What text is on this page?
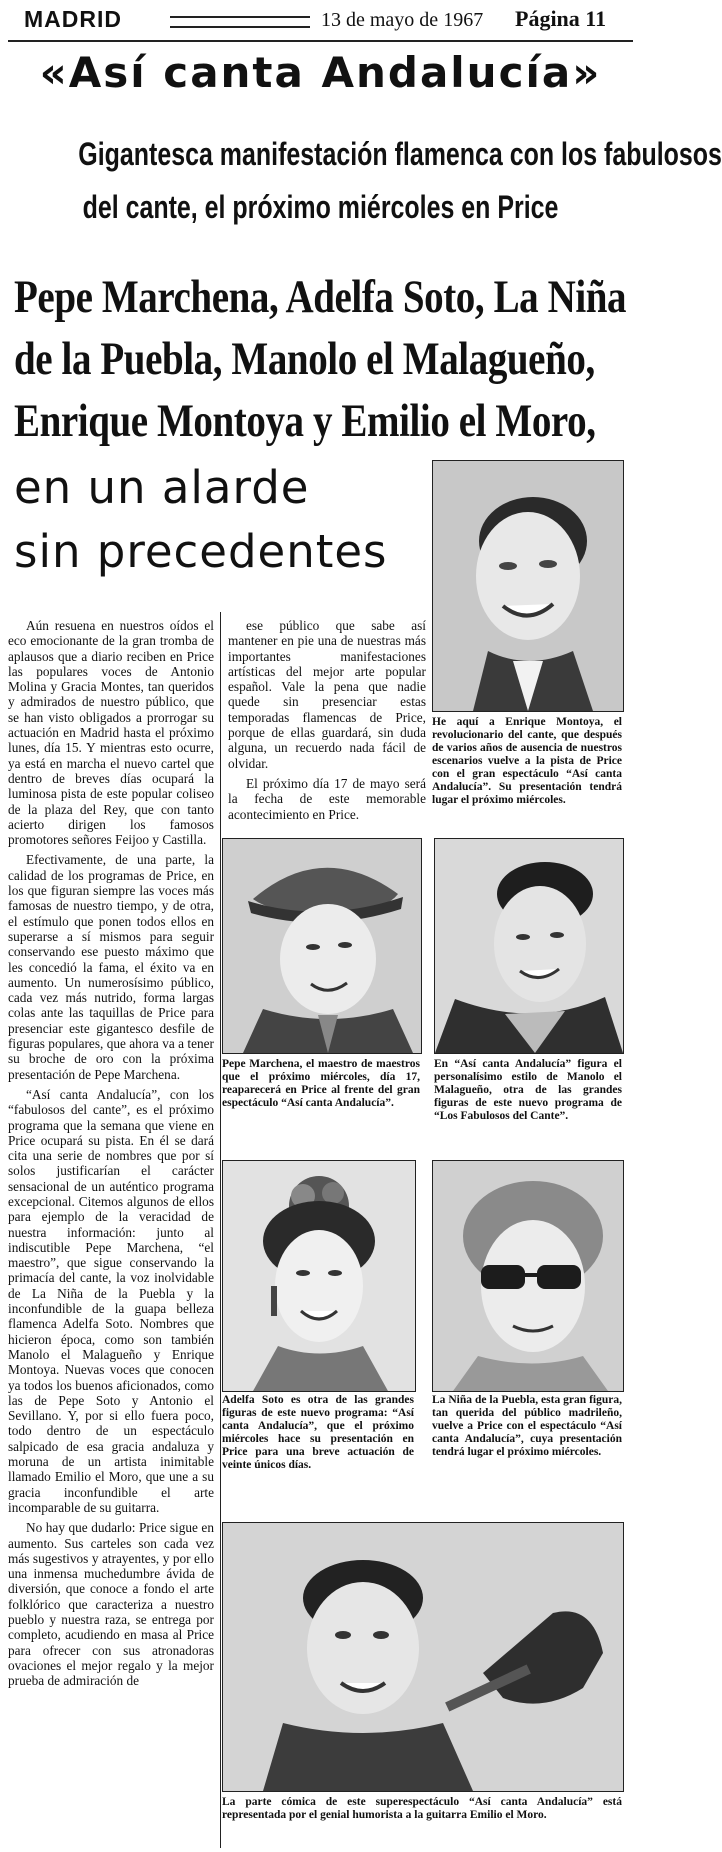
MADRID	13 de mayo de 1967 Página 11
«Así canta Andalucía»
Gigantesca manifestación flamenca con los fabulosos
del cante, el próximo miércoles en Price
Pepe Marchena, Adelfa Soto, La Niña
de la Puebla, Manolo el Malagueño,
Enrique Montoya y Emilio el Moro,
en un alarde
sin precedentes

Aún resuena en nuestros oídos el eco emocionante de la gran tromba de aplausos que a diario reciben en Price las populares voces de Antonio Molina y Gracia Montes, tan queridos y admirados de nuestro público, que se han visto obligados a prorrogar su actuación en Madrid hasta el próximo lunes, día 15. Y mientras esto ocurre, ya está en marcha el nuevo cartel que dentro de breves días ocupará la luminosa pista de este popular coliseo de la plaza del Rey, que con tanto acierto dirigen los famosos promotores señores Feijoo y Castilla.

Efectivamente, de una parte, la calidad de los programas de Price, en los que figuran siempre las voces más famosas de nuestro tiempo, y de otra, el estímulo que ponen todos ellos en superarse a sí mismos para seguir conservando ese puesto máximo que les concedió la fama, el éxito va en aumento. Un numerosísimo público, cada vez más nutrido, forma largas colas ante las taquillas de Price para presenciar este gigantesco desfile de figuras populares, que ahora va a tener su broche de oro con la próxima presentación de Pepe Marchena.

“Así canta Andalucía”, con los “fabulosos del cante”, es el próximo programa que la semana que viene en Price ocupará su pista. En él se dará cita una serie de nombres que por sí solos justificarían el carácter sensacional de un auténtico programa excepcional. Citemos algunos de ellos para ejemplo de la veracidad de nuestra información: junto al indiscutible Pepe Marchena, “el maestro”, que sigue conservando la primacía del cante, la voz inolvidable de La Niña de la Puebla y la inconfundible de la guapa belleza flamenca Adelfa Soto. Nombres que hicieron época, como son también Manolo el Malagueño y Enrique Montoya. Nuevas voces que conocen ya todos los buenos aficionados, como las de Pepe Soto y Antonio el Sevillano. Y, por si ello fuera poco, todo dentro de un espectáculo salpicado de esa gracia andaluza y moruna de un artista inimitable llamado Emilio el Moro, que une a su gracia inconfundible el arte incomparable de su guitarra.

No hay que dudarlo: Price sigue en aumento. Sus carteles son cada vez más sugestivos y atrayentes, y por ello una inmensa muchedumbre ávida de diversión, que conoce a fondo el arte folklórico que caracteriza a nuestro pueblo y nuestra raza, se entrega por completo, acudiendo en masa al Price para ofrecer con sus atronadoras ovaciones el mejor regalo y la mejor prueba de admiración de

ese público que sabe así mantener en pie una de nuestras más importantes manifestaciones artísticas del mejor arte popular español. Vale la pena que nadie quede sin presenciar estas temporadas flamencas de Price, porque de ellas guardará, sin duda alguna, un recuerdo nada fácil de olvidar.

El próximo día 17 de mayo será la fecha de este memorable acontecimiento en Price.

He aquí a Enrique Montoya, el revolucionario del cante, que después de varios años de ausencia de nuestros escenarios vuelve a la pista de Price con el gran espectáculo “Así canta Andalucía”. Su presentación tendrá lugar el próximo miércoles.
Pepe Marchena, el maestro de maestros que el próximo miércoles, día 17, reaparecerá en Price al frente del gran espectáculo “Así canta Andalucía”.
En “Así canta Andalucía” figura el personalísimo estilo de Manolo el Malagueño, otra de las grandes figuras de este nuevo programa de “Los Fabulosos del Cante”.
Adelfa Soto es otra de las grandes figuras de este nuevo programa: “Así canta Andalucía”, que el próximo miércoles hace su presentación en Price para una breve actuación de veinte únicos días.
La Niña de la Puebla, esta gran figura, tan querida del público madrileño, vuelve a Price con el espectáculo “Así canta Andalucía”, cuya presentación tendrá lugar el próximo miércoles.
La parte cómica de este superespectáculo “Así canta Andalucía” está representada por el genial humorista a la guitarra Emilio el Moro.
